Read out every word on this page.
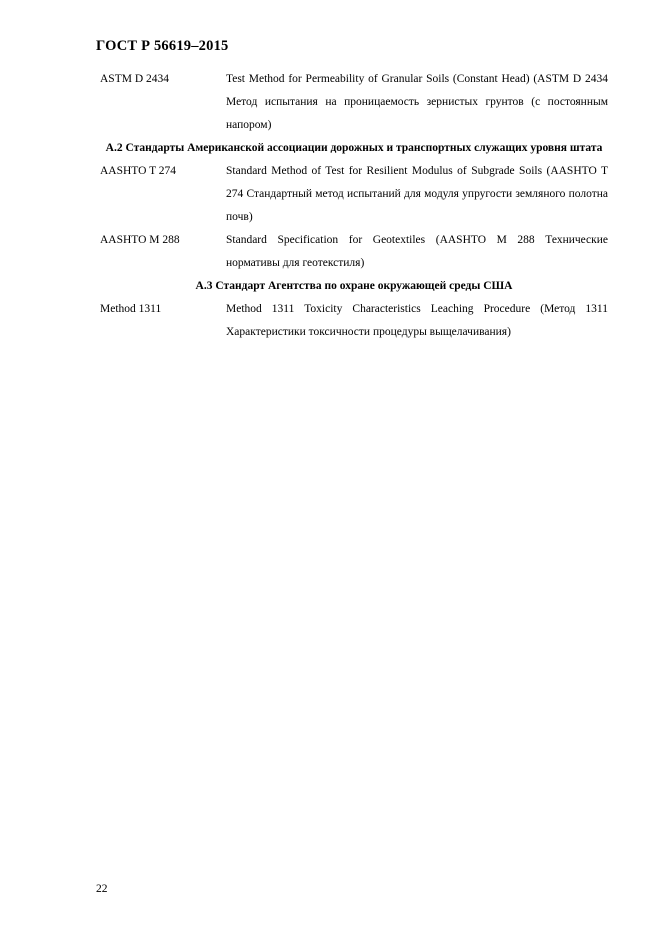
ГОСТ Р 56619–2015
ASTM D 2434	Test Method for Permeability of Granular Soils (Constant Head) (ASTM D 2434 Метод испытания на проницаемость зернистых грунтов (с постоянным напором)
А.2 Стандарты Американской ассоциации дорожных и транспортных служащих уровня штата
AASHTO T 274	Standard Method of Test for Resilient Modulus of Subgrade Soils (AASHTO T 274 Стандартный метод испытаний для модуля упругости земляного полотна почв)
AASHTO M 288	Standard Specification for Geotextiles (AASHTO M 288 Технические нормативы для геотекстиля)
А.3 Стандарт Агентства по охране окружающей среды США
Method 1311	Method 1311 Toxicity Characteristics Leaching Procedure (Метод 1311 Характеристики токсичности процедуры выщелачивания)
22
